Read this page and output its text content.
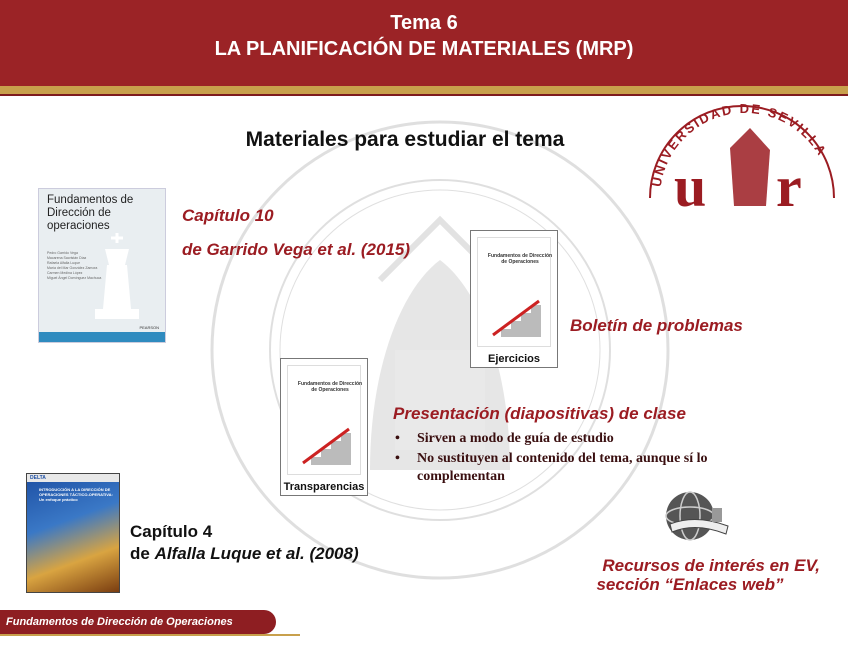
Tema 6
LA PLANIFICACIÓN DE MATERIALES (MRP)
UNIVERSIDAD DE SEVILLA
u r
Materiales para estudiar el tema
Fundamentos de Dirección de operaciones
Pedro Garrido Vega
Macarena Sacristán Díaz
Rafaela Alfalla Luque
María del Mar González Zamora
Carmen Medina López
Miguel Ángel Domínguez Machuca
PEARSON
Capítulo 10
de Garrido Vega et al. (2015)	Fundamentos de Dirección de Operaciones
Ejercicios
Boletín de problemas
Fundamentos de Dirección de Operaciones
Transparencias
Presentación (diapositivas) de clase
• Sirven a modo de guía de estudio
• No sustituyen al contenido del tema, aunque sí lo complementan
DELTA
INTRODUCCIÓN A LA DIRECCIÓN DE OPERACIONES TÁCTICO-OPERATIVA: Un enfoque práctico
Capítulo 4
de Alfalla Luque et al. (2008)
Recursos de interés en EV,

sección “Enlaces web”
Fundamentos de Dirección de Operaciones
